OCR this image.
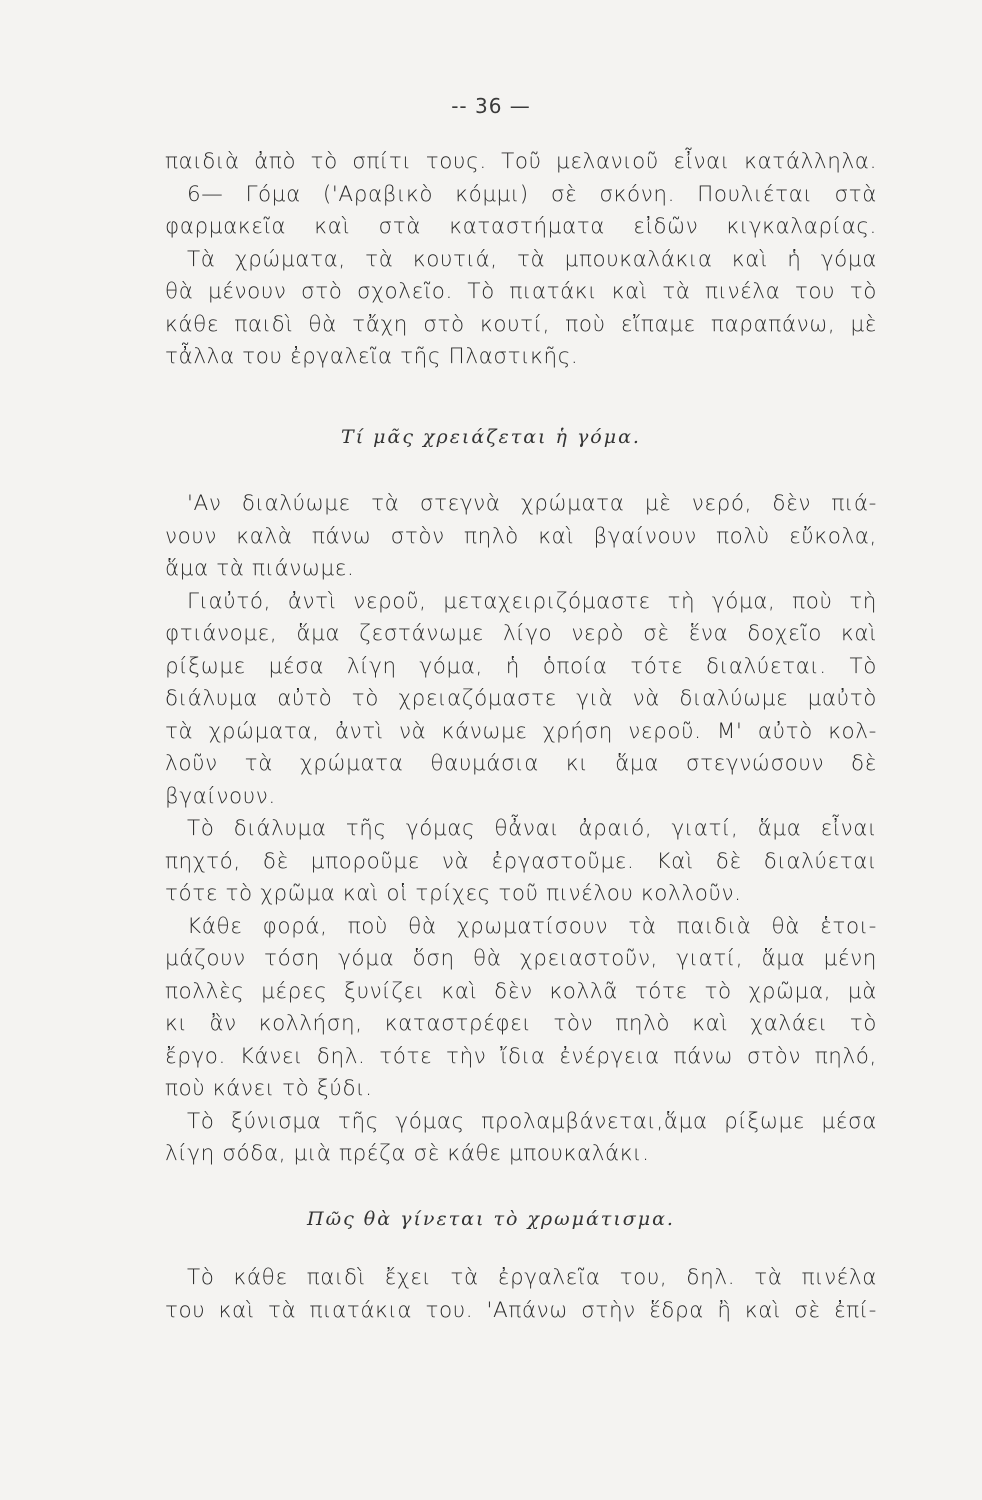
-- 36 —

παιδιὰ ἀπὸ τὸ σπίτι τους. Τοῦ μελανιοῦ εἶναι κατάλληλα.
6— Γόμα ('Αραβικὸ κόμμι) σὲ σκόνη. Πουλιέται στὰ
φαρμακεῖα καὶ στὰ καταστήματα εἰδῶν κιγκαλαρίας.
Τὰ χρώματα, τὰ κουτιά, τὰ μπουκαλάκια καὶ ἡ γόμα
θὰ μένουν στὸ σχολεῖο. Τὸ πιατάκι καὶ τὰ πινέλα του τὸ
κάθε παιδὶ θὰ τἄχη στὸ κουτί, ποὺ εἴπαμε παραπάνω, μὲ
τἆλλα του ἐργαλεῖα τῆς Πλαστικῆς.

Τί μᾶς χρειάζεται ἡ γόμα.

'Αν διαλύωμε τὰ στεγνὰ χρώματα μὲ νερό, δὲν πιά-
νουν καλὰ πάνω στὸν πηλὸ καὶ βγαίνουν πολὺ εὔκολα,
ἅμα τὰ πιάνωμε.

Γιαὐτό, ἀντὶ νεροῦ, μεταχειριζόμαστε τὴ γόμα, ποὺ τὴ
φτιάνομε, ἅμα ζεστάνωμε λίγο νερὸ σὲ ἕνα δοχεῖο καὶ
ρίξωμε μέσα λίγη γόμα, ἡ ὁποία τότε διαλύεται. Τὸ
διάλυμα αὐτὸ τὸ χρειαζόμαστε γιὰ νὰ διαλύωμε μαὐτὸ
τὰ χρώματα, ἀντὶ νὰ κάνωμε χρήση νεροῦ. Μ' αὐτὸ κολ-
λοῦν τὰ χρώματα θαυμάσια κι ἅμα στεγνώσουν δὲ
βγαίνουν.

Τὸ διάλυμα τῆς γόμας θἆναι ἀραιό, γιατί, ἅμα εἶναι
πηχτό, δὲ μποροῦμε νὰ ἐργαστοῦμε. Καὶ δὲ διαλύεται
τότε τὸ χρῶμα καὶ οἱ τρίχες τοῦ πινέλου κολλοῦν.

Κάθε φορά, ποὺ θὰ χρωματίσουν τὰ παιδιὰ θὰ ἑτοι-
μάζουν τόση γόμα ὅση θὰ χρειαστοῦν, γιατί, ἅμα μένη
πολλὲς μέρες ξυνίζει καὶ δὲν κολλᾶ τότε τὸ χρῶμα, μὰ
κι ἂν κολλήση, καταστρέφει τὸν πηλὸ καὶ χαλάει τὸ
ἔργο. Κάνει δηλ. τότε τὴν ἴδια ἐνέργεια πάνω στὸν πηλό,
ποὺ κάνει τὸ ξύδι.

Τὸ ξύνισμα τῆς γόμας προλαμβάνεται,ἅμα ρίξωμε μέσα
λίγη σόδα, μιὰ πρέζα σὲ κάθε μπουκαλάκι.

Πῶς θὰ γίνεται τὸ χρωμάτισμα.

Τὸ κάθε παιδὶ ἔχει τὰ ἐργαλεῖα του, δηλ. τὰ πινέλα
του καὶ τὰ πιατάκια του. 'Απάνω στὴν ἕδρα ἢ καὶ σὲ ἐπί-
